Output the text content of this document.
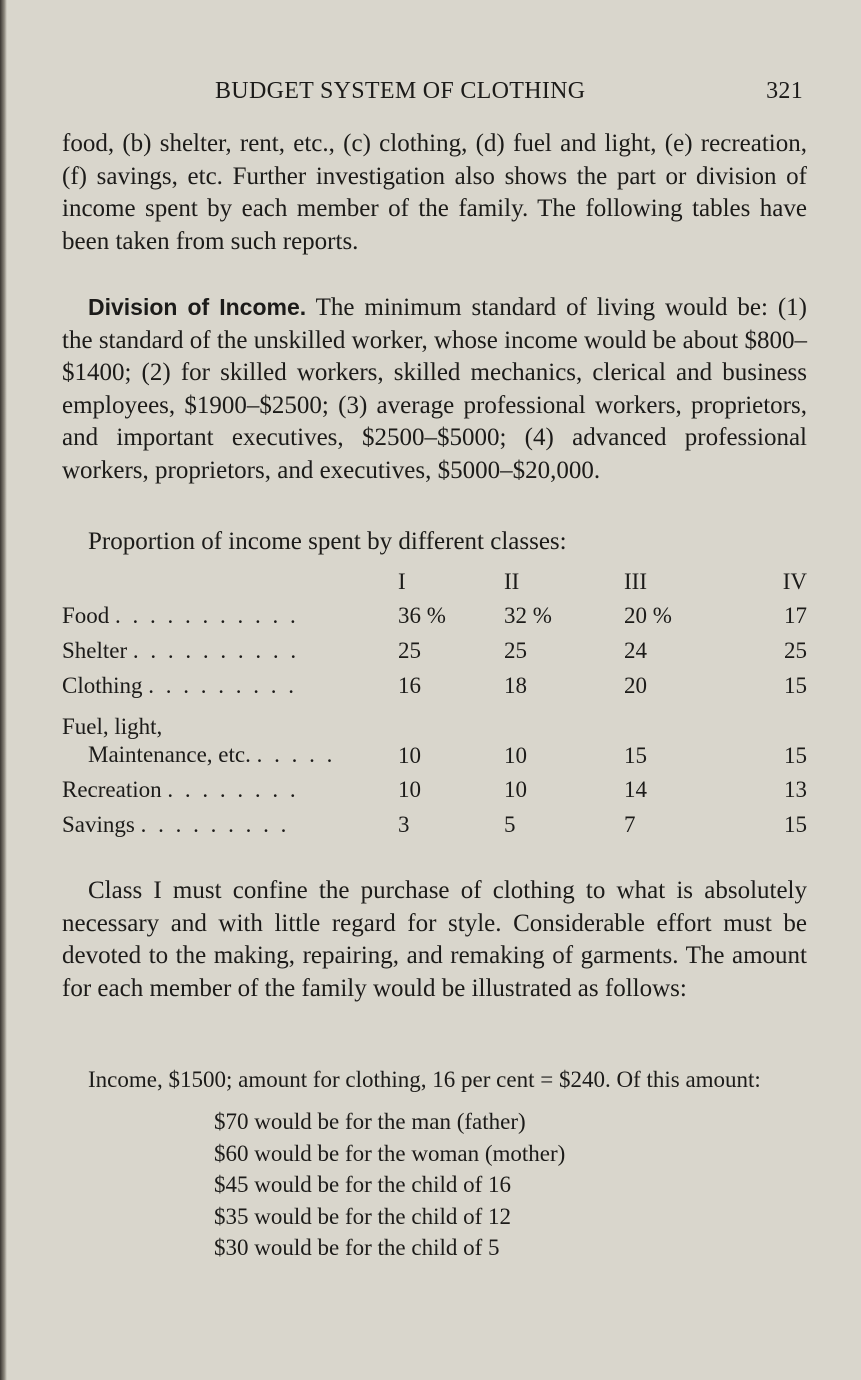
BUDGET SYSTEM OF CLOTHING	321

food, (b) shelter, rent, etc., (c) clothing, (d) fuel and light, (e) recreation, (f) savings, etc. Further investigation also shows the part or division of income spent by each member of the family. The following tables have been taken from such reports.

Division of Income. The minimum standard of living would be: (1) the standard of the unskilled worker, whose income would be about $800–$1400; (2) for skilled workers, skilled mechanics, clerical and business employees, $1900–$2500; (3) average professional workers, proprietors, and important executives, $2500–$5000; (4) advanced professional workers, proprietors, and executives, $5000–$20,000.

Proportion of income spent by different classes:

	I	II	III	IV
Food . . . . . . . . . . .	36 %	32 %	20 %	17
Shelter . . . . . . . . . .	25	25	24	25
Clothing . . . . . . . . .	16	18	20	15

Fuel, light,
Maintenance, etc. . . . . .	10	10	15	15
Recreation . . . . . . . .	10	10	14	13
Savings . . . . . . . . .	3	5	7	15

Class I must confine the purchase of clothing to what is absolutely necessary and with little regard for style. Considerable effort must be devoted to the making, repairing, and remaking of garments. The amount for each member of the family would be illustrated as follows:

Income, $1500; amount for clothing, 16 per cent = $240. Of this amount:
$70 would be for the man (father)
$60 would be for the woman (mother)
$45 would be for the child of 16
$35 would be for the child of 12
$30 would be for the child of 5
